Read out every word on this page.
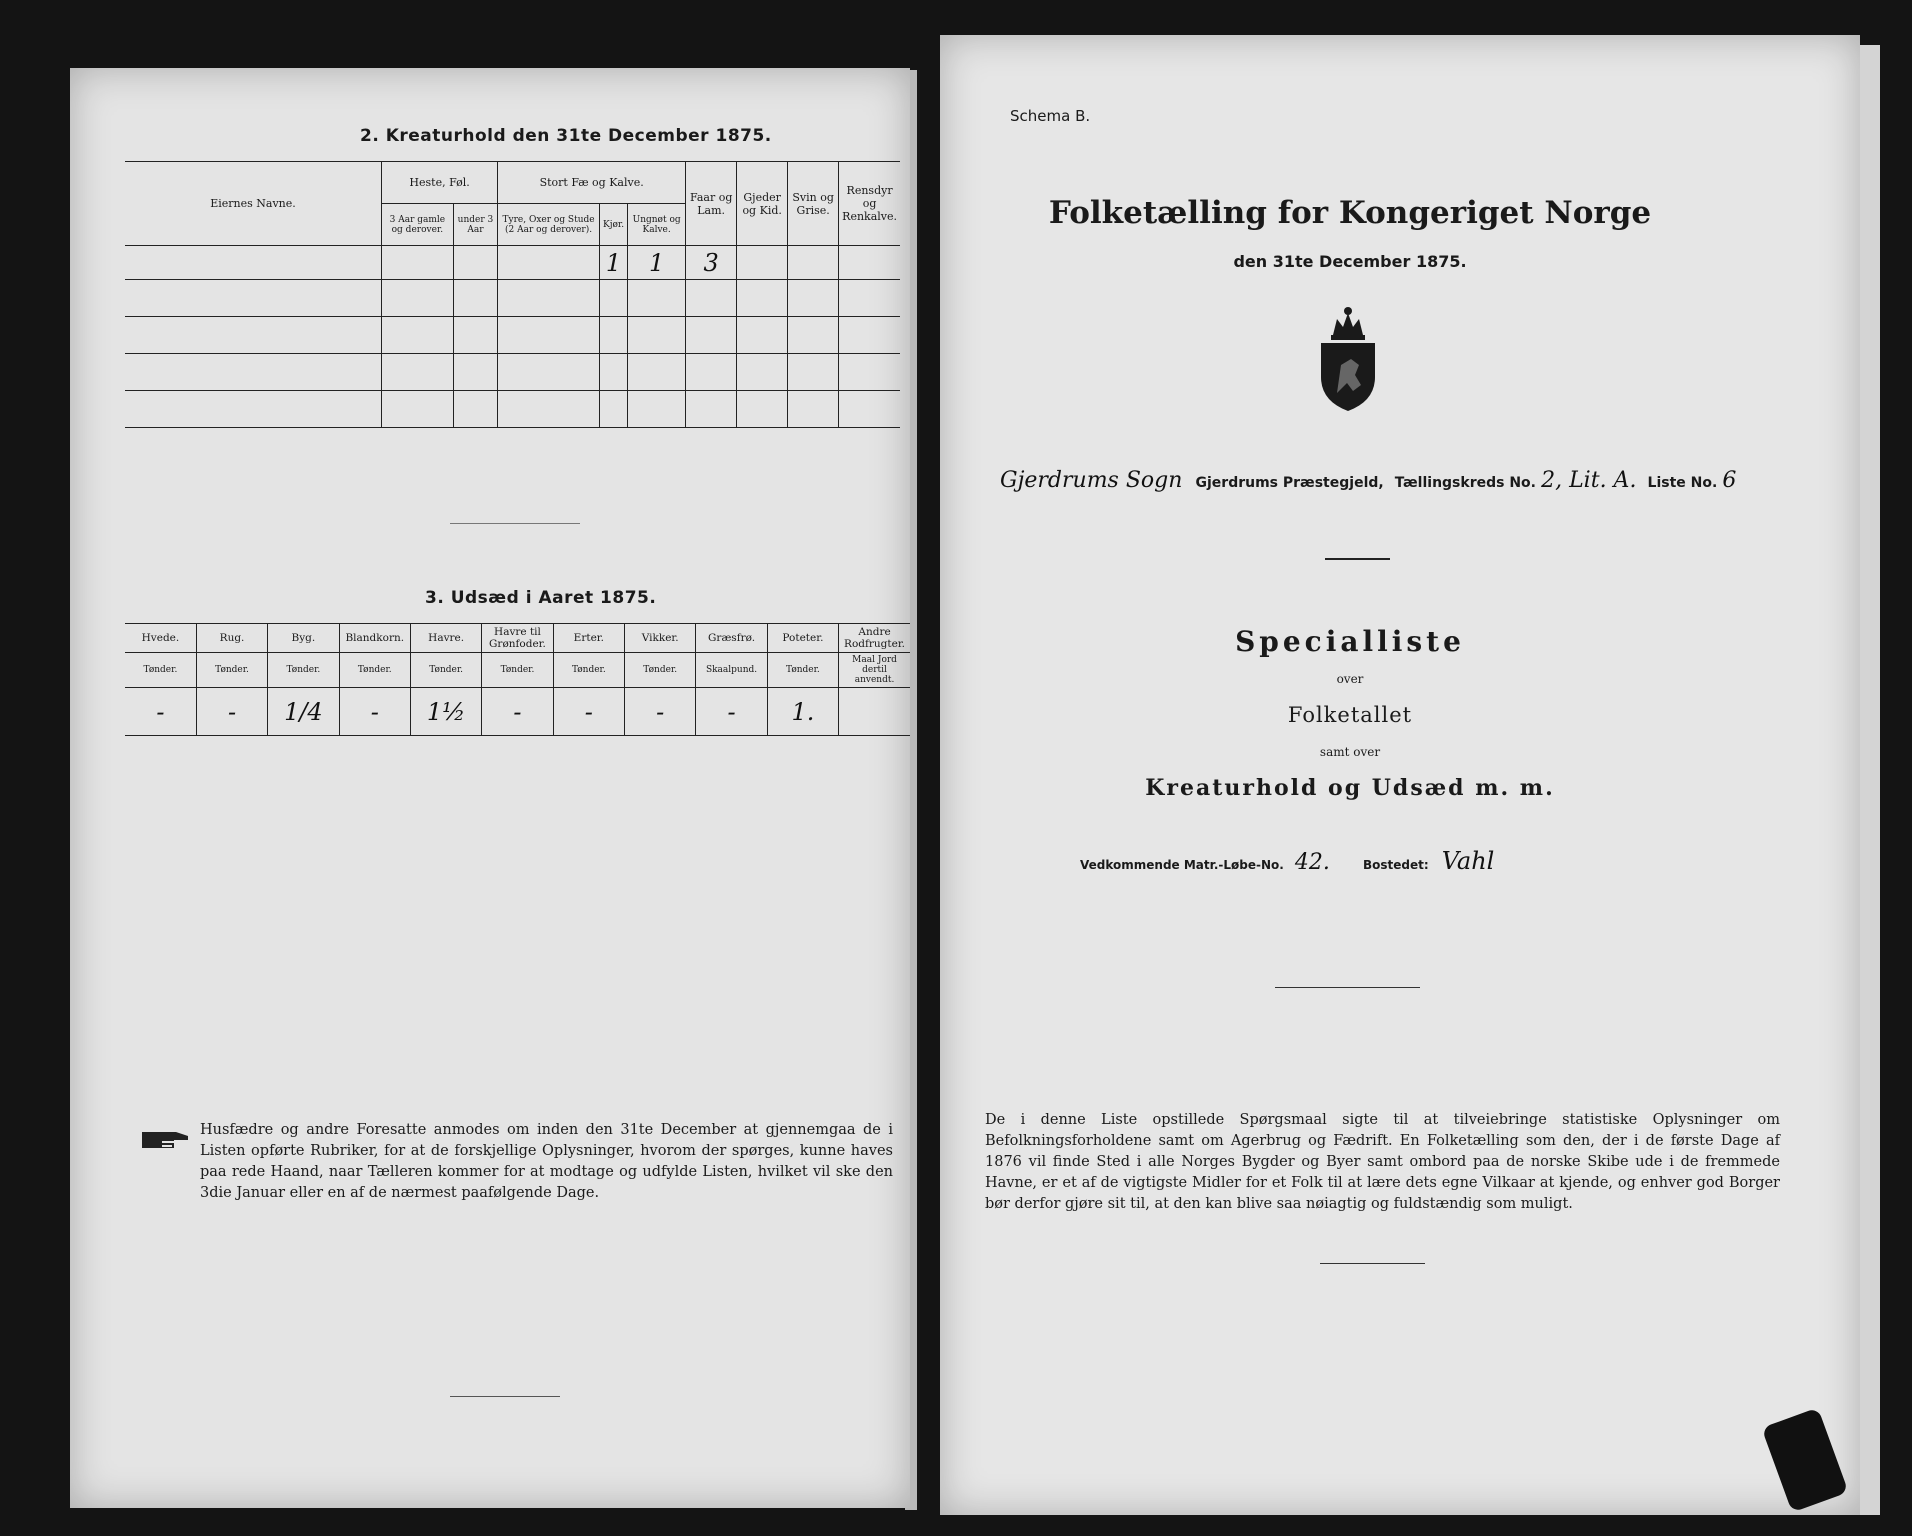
2. Kreaturhold den 31te December 1875.
Eiernes Navne.	Heste, Føl.		Stort Fæ og Kalve.			Faar og Lam.	Gjeder og Kid.	Svin og Grise.	Rensdyr og Renkalve.
	3 Aar gamle og derover.	under 3 Aar	Tyre, Oxer og Stude (2 Aar og derover).	Kjør.	Ungnøt og Kalve.				
				1	1	3			

3. Udsæd i Aaret 1875.
Hvede.	Rug.	Byg.	Blandkorn.	Havre.	Havre til Grønfoder.	Erter.	Vikker.	Græsfrø.	Poteter.	Andre Rodfrugter.
Tønder.	Tønder.	Tønder.	Tønder.	Tønder.	Tønder.	Tønder.	Tønder.	Skaalpund.	Tønder.	Maal Jord dertil anvendt.
-	-	1/4	-	1½	-	-	-	-	1.	
Husfædre og andre Foresatte anmodes om inden den 31te December at gjennemgaa de i Listen opførte Rubriker, for at de forskjellige Oplysninger, hvorom der spørges, kunne haves paa rede Haand, naar Tælleren kommer for at modtage og udfylde Listen, hvilket vil ske den 3die Januar eller en af de nærmest paafølgende Dage.
Schema B.
Folketælling for Kongeriget Norge
den 31te December 1875.
Gjerdrums Sogn Gjerdrums Præstegjeld, Tællingskreds No. 2, Lit. A. Liste No. 6
Specialliste
over
Folketallet
samt over
Kreaturhold og Udsæd m. m.
Vedkommende Matr.-Løbe-No. 42.	Bostedet: Vahl
De i denne Liste opstillede Spørgsmaal sigte til at tilveiebringe statistiske Oplysninger om Befolkningsforholdene samt om Agerbrug og Fædrift. En Folketælling som den, der i de første Dage af 1876 vil finde Sted i alle Norges Bygder og Byer samt ombord paa de norske Skibe ude i de fremmede Havne, er et af de vigtigste Midler for et Folk til at lære dets egne Vilkaar at kjende, og enhver god Borger bør derfor gjøre sit til, at den kan blive saa nøiagtig og fuldstændig som muligt.
